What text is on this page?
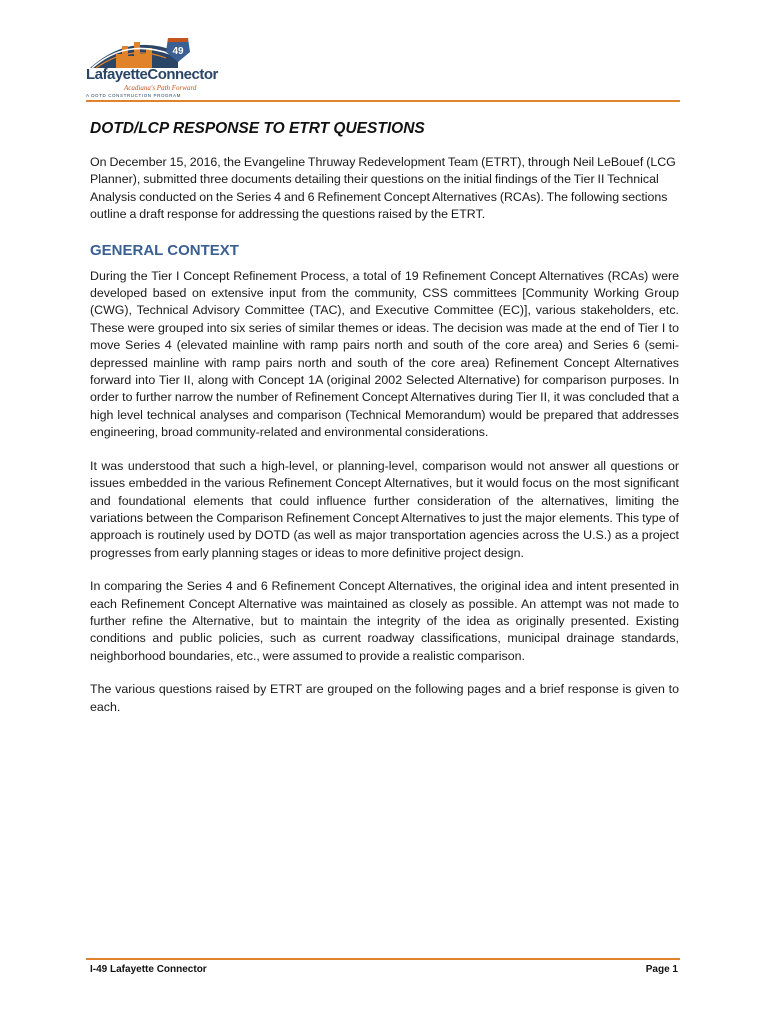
49
LafayetteConnector
Acadiana's Path Forward
A DOTD CONSTRUCTION PROGRAM
DOTD/LCP RESPONSE TO ETRT QUESTIONS

On December 15, 2016, the Evangeline Thruway Redevelopment Team (ETRT), through Neil LeBouef (LCG Planner), submitted three documents detailing their questions on the initial findings of the Tier II Technical Analysis conducted on the Series 4 and 6 Refinement Concept Alternatives (RCAs). The following sections outline a draft response for addressing the questions raised by the ETRT.

GENERAL CONTEXT

During the Tier I Concept Refinement Process, a total of 19 Refinement Concept Alternatives (RCAs) were developed based on extensive input from the community, CSS committees [Community Working Group (CWG), Technical Advisory Committee (TAC), and Executive Committee (EC)], various stakeholders, etc. These were grouped into six series of similar themes or ideas. The decision was made at the end of Tier I to move Series 4 (elevated mainline with ramp pairs north and south of the core area) and Series 6 (semi-depressed mainline with ramp pairs north and south of the core area) Refinement Concept Alternatives forward into Tier II, along with Concept 1A (original 2002 Selected Alternative) for comparison purposes. In order to further narrow the number of Refinement Concept Alternatives during Tier II, it was concluded that a high level technical analyses and comparison (Technical Memorandum) would be prepared that addresses engineering, broad community-related and environmental considerations.

It was understood that such a high-level, or planning-level, comparison would not answer all questions or issues embedded in the various Refinement Concept Alternatives, but it would focus on the most significant and foundational elements that could influence further consideration of the alternatives, limiting the variations between the Comparison Refinement Concept Alternatives to just the major elements. This type of approach is routinely used by DOTD (as well as major transportation agencies across the U.S.) as a project progresses from early planning stages or ideas to more definitive project design.

In comparing the Series 4 and 6 Refinement Concept Alternatives, the original idea and intent presented in each Refinement Concept Alternative was maintained as closely as possible. An attempt was not made to further refine the Alternative, but to maintain the integrity of the idea as originally presented. Existing conditions and public policies, such as current roadway classifications, municipal drainage standards, neighborhood boundaries, etc., were assumed to provide a realistic comparison.

The various questions raised by ETRT are grouped on the following pages and a brief response is given to each.

I-49 Lafayette Connector	Page 1
